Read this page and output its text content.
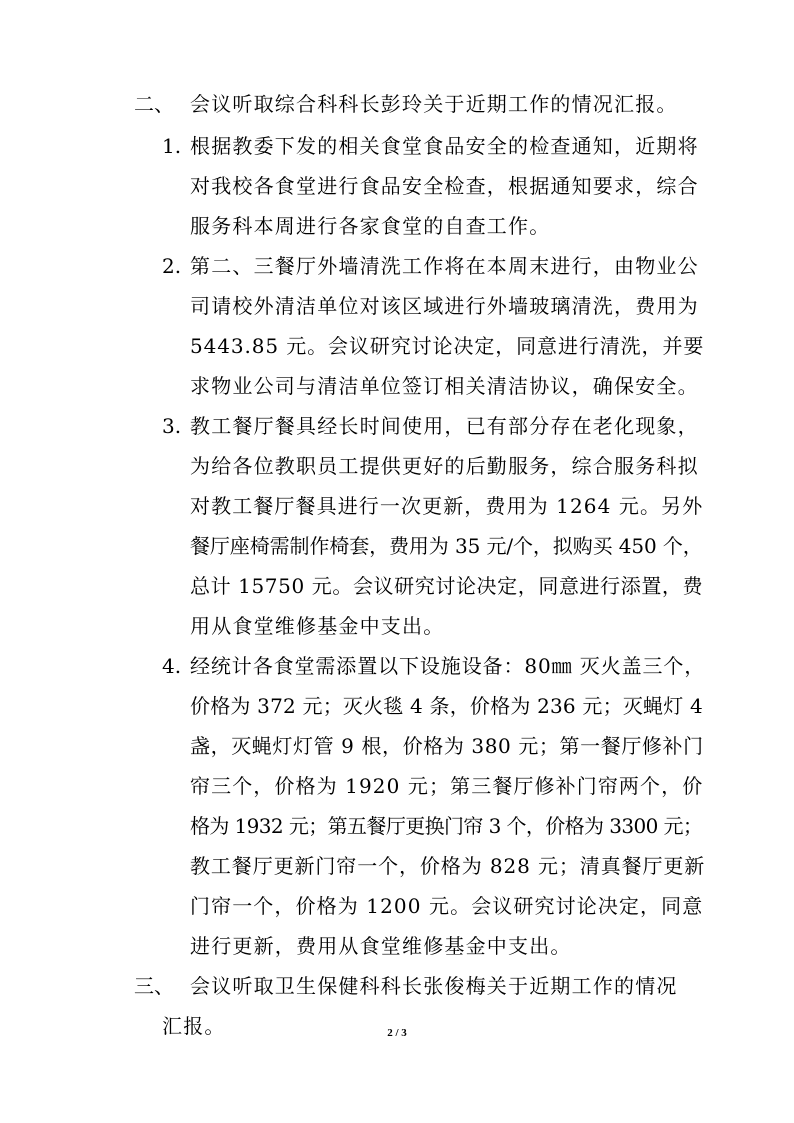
二、 会议听取综合科科长彭玲关于近期工作的情况汇报。
1. 根据教委下发的相关食堂食品安全的检查通知，近期将
对我校各食堂进行食品安全检查，根据通知要求，综合
服务科本周进行各家食堂的自查工作。
2. 第二、三餐厅外墙清洗工作将在本周末进行，由物业公
司请校外清洁单位对该区域进行外墙玻璃清洗，费用为
5443.85 元。会议研究讨论决定，同意进行清洗，并要
求物业公司与清洁单位签订相关清洁协议，确保安全。
3. 教工餐厅餐具经长时间使用，已有部分存在老化现象，
为给各位教职员工提供更好的后勤服务，综合服务科拟
对教工餐厅餐具进行一次更新，费用为 1264 元。另外
餐厅座椅需制作椅套，费用为 35 元/个，拟购买 450 个，
总计 15750 元。会议研究讨论决定，同意进行添置，费
用从食堂维修基金中支出。
4. 经统计各食堂需添置以下设施设备：80㎜ 灭火盖三个，
价格为 372 元；灭火毯 4 条，价格为 236 元；灭蝇灯 4
盏，灭蝇灯灯管 9 根，价格为 380 元；第一餐厅修补门
帘三个，价格为 1920 元；第三餐厅修补门帘两个，价
格为 1932 元；第五餐厅更换门帘 3 个，价格为 3300 元；
教工餐厅更新门帘一个，价格为 828 元；清真餐厅更新
门帘一个，价格为 1200 元。会议研究讨论决定，同意
进行更新，费用从食堂维修基金中支出。
三、 会议听取卫生保健科科长张俊梅关于近期工作的情况
汇报。	2 / 3
